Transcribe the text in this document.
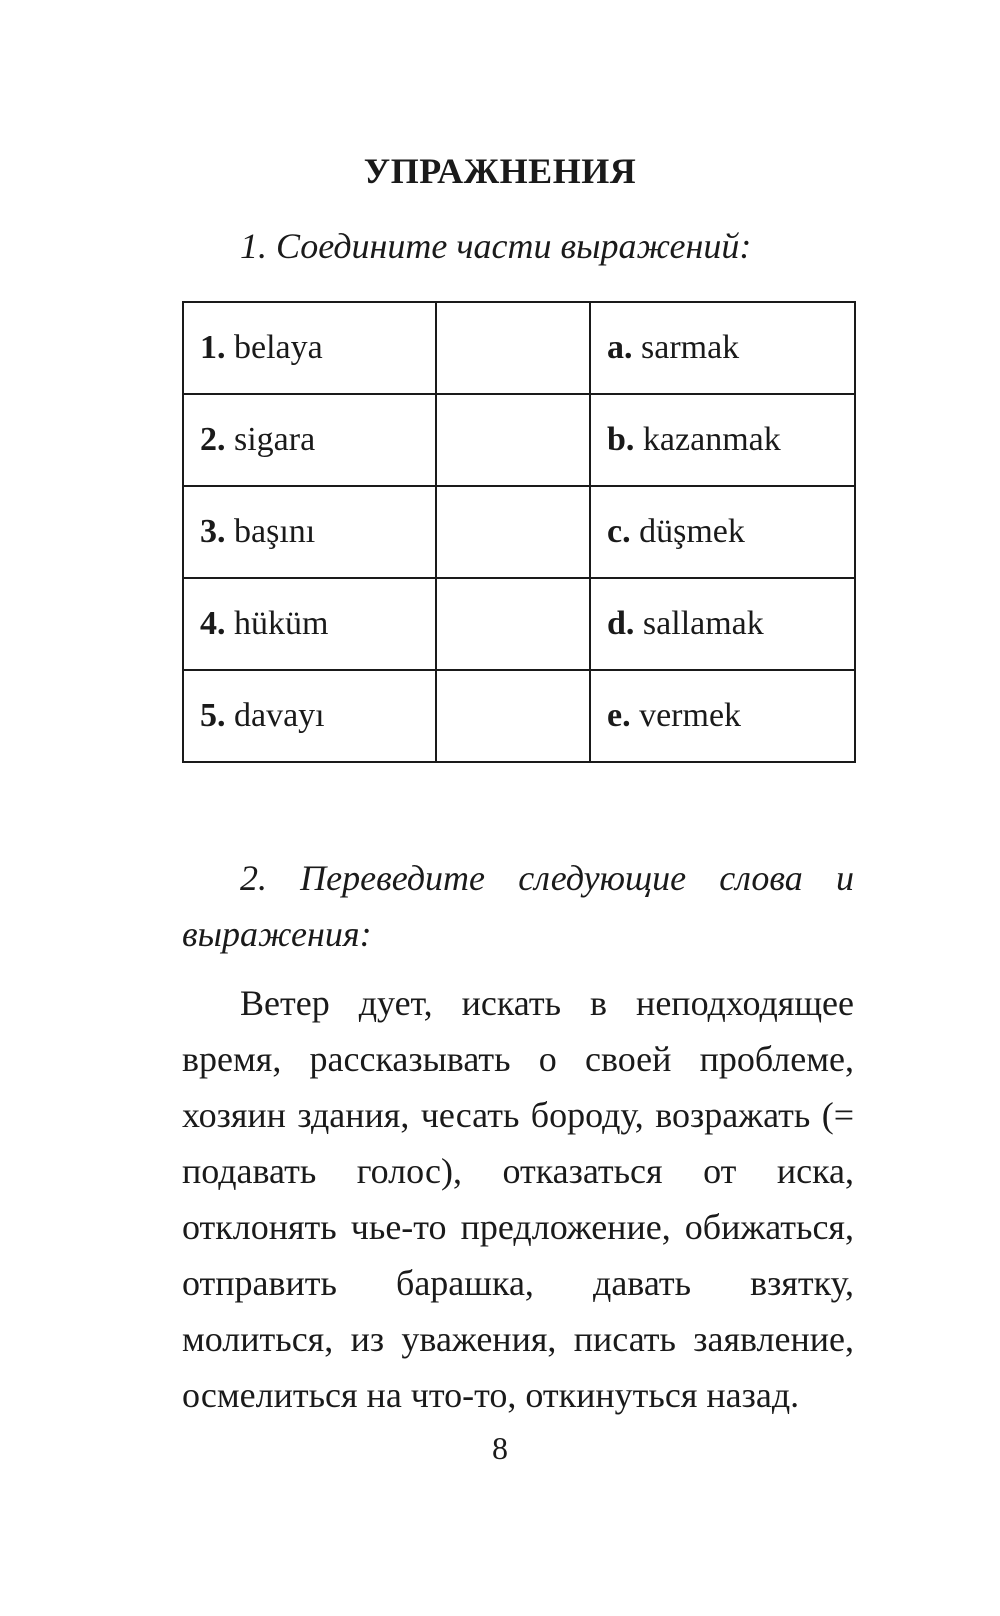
УПРАЖНЕНИЯ

1. Соедините части выражений:

1. belaya		a. sarmak
2. sigara		b. kazanmak
3. başını		c. düşmek
4. hüküm		d. sallamak
5. davayı		e. vermek

2. Переведите следующие слова и выражения:

Ветер дует, искать в неподходящее время, рассказывать о своей проблеме, хозяин здания, чесать бороду, возражать (= подавать голос), отказаться от иска, отклонять чье-то предложение, обижаться, отправить барашка, давать взятку, молиться, из уважения, писать заявление, осмелиться на что-то, откинуться назад.

8
